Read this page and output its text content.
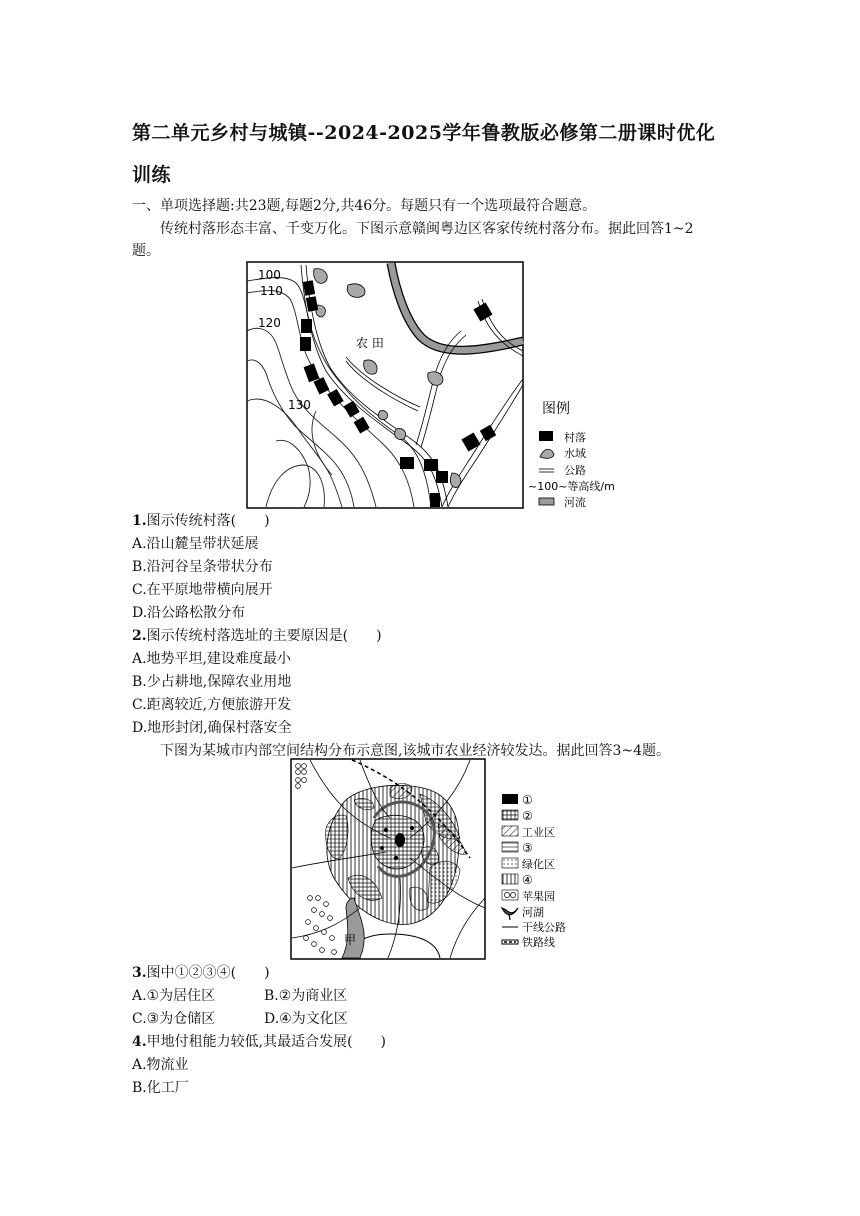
第二单元乡村与城镇--2024-2025学年鲁教版必修第二册课时优化
训练
一、单项选择题:共23题,每题2分,共46分。每题只有一个选项最符合题意。
传统村落形态丰富、千变万化。下图示意赣闽粤边区客家传统村落分布。据此回答1~2
题。
100
110
120
130
农 田
图例
村落
水域
公路
~100~等高线/m
河流
1.图示传统村落(　　)
A.沿山麓呈带状延展
B.沿河谷呈条带状分布
C.在平原地带横向展开
D.沿公路松散分布
2.图示传统村落选址的主要原因是(　　)
A.地势平坦,建设难度最小
B.少占耕地,保障农业用地
C.距离较近,方便旅游开发
D.地形封闭,确保村落安全
下图为某城市内部空间结构分布示意图,该城市农业经济较发达。据此回答3~4题。
甲
①
②
工业区
③
绿化区
④
苹果园
河湖
干线公路
铁路线
3.图中①②③④(　　)
A.①为居住区	B.②为商业区
C.③为仓储区	D.④为文化区
4.甲地付租能力较低,其最适合发展(　　)
A.物流业
B.化工厂
